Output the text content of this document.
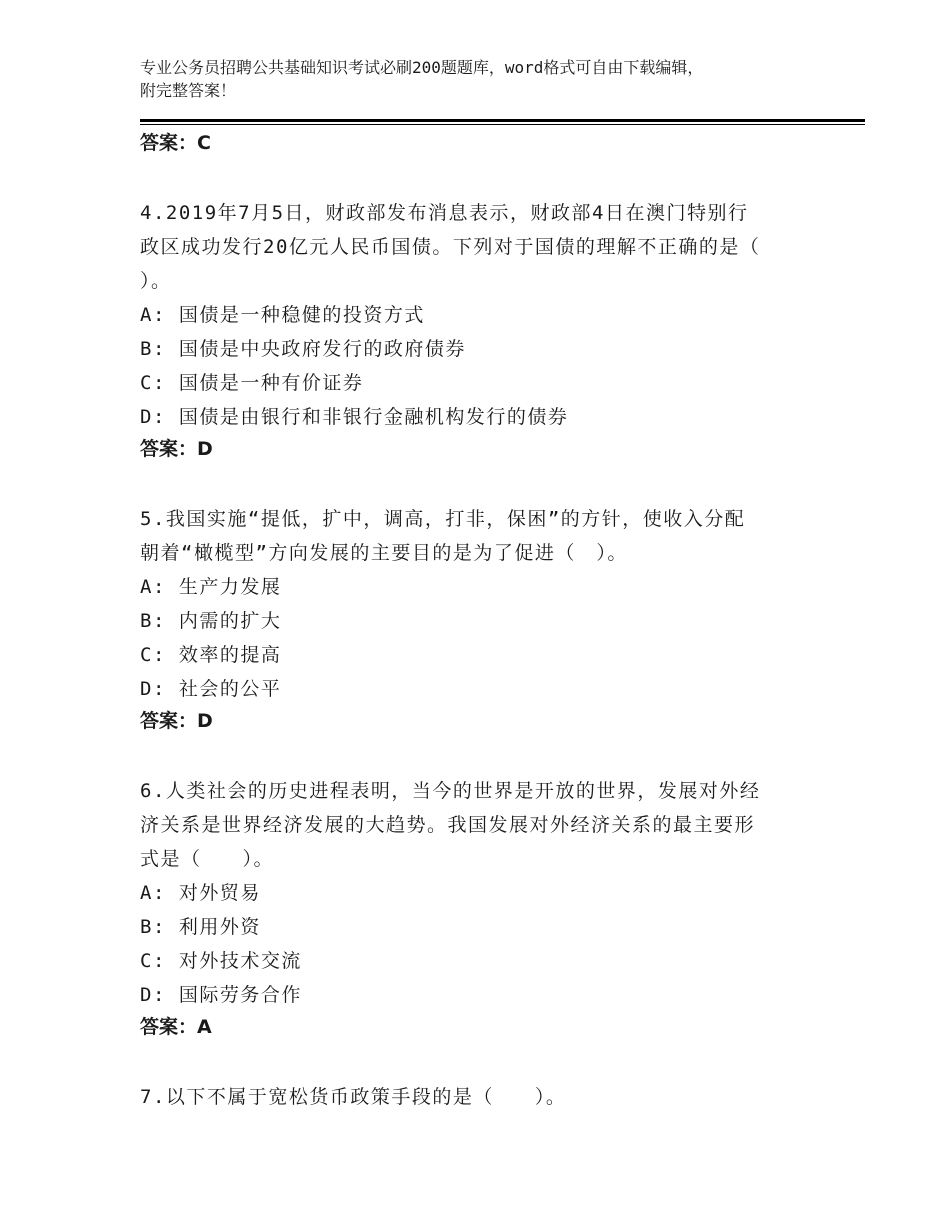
专业公务员招聘公共基础知识考试必刷200题题库，word格式可自由下载编辑，
附完整答案！
答案：C
4.2019年7月5日，财政部发布消息表示，财政部4日在澳门特别行
政区成功发行20亿元人民币国债。下列对于国债的理解不正确的是（
）。
A: 国债是一种稳健的投资方式
B: 国债是中央政府发行的政府债券
C: 国债是一种有价证券
D: 国债是由银行和非银行金融机构发行的债券
答案：D
5.我国实施“提低，扩中，调高，打非，保困”的方针，使收入分配
朝着“橄榄型”方向发展的主要目的是为了促进（　）。
A: 生产力发展
B: 内需的扩大
C: 效率的提高
D: 社会的公平
答案：D
6.人类社会的历史进程表明，当今的世界是开放的世界，发展对外经
济关系是世界经济发展的大趋势。我国发展对外经济关系的最主要形
式是（　　）。
A: 对外贸易
B: 利用外资
C: 对外技术交流
D: 国际劳务合作
答案：A
7.以下不属于宽松货币政策手段的是（　　）。
